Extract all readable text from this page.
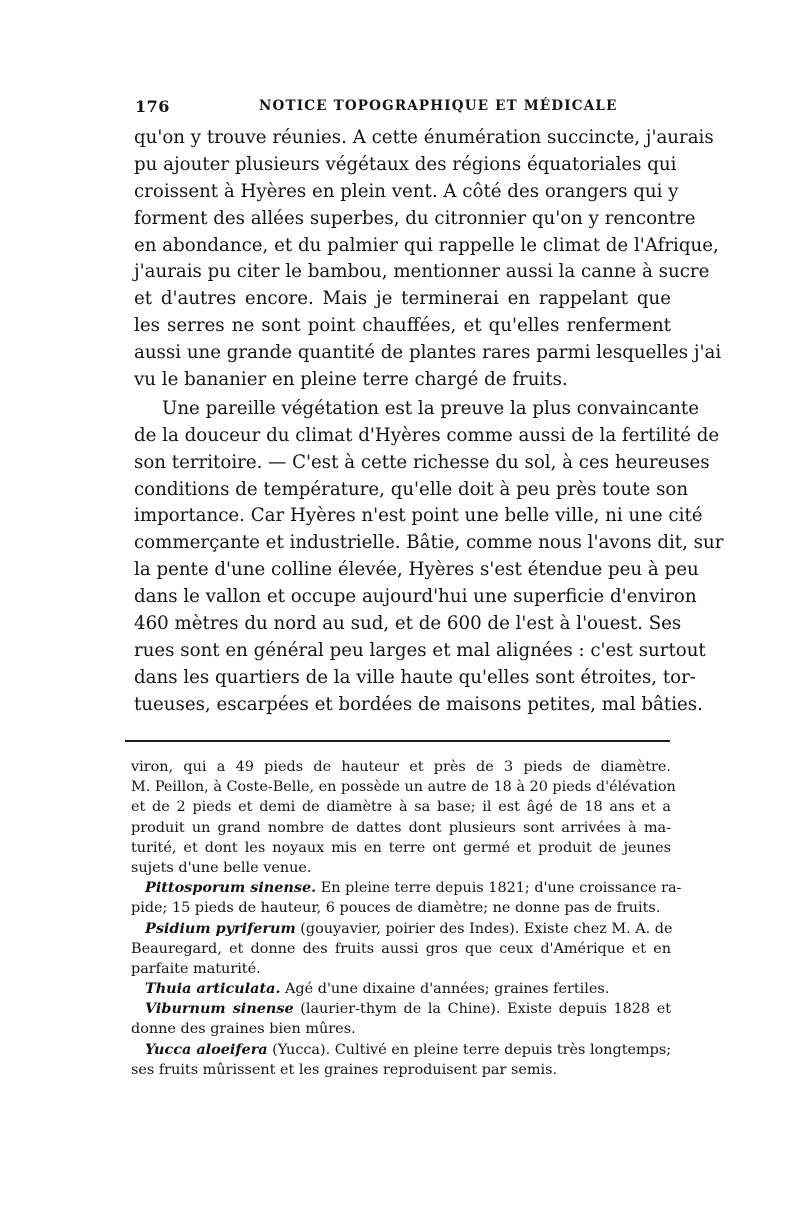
176	NOTICE TOPOGRAPHIQUE ET MÉDICALE
qu'on y trouve réunies. A cette énumération succincte, j'aurais
pu ajouter plusieurs végétaux des régions équatoriales qui
croissent à Hyères en plein vent. A côté des orangers qui y
forment des allées superbes, du citronnier qu'on y rencontre
en abondance, et du palmier qui rappelle le climat de l'Afrique,
j'aurais pu citer le bambou, mentionner aussi la canne à sucre
et d'autres encore. Mais je terminerai en rappelant que
les serres ne sont point chauffées, et qu'elles renferment
aussi une grande quantité de plantes rares parmi lesquelles j'ai
vu le bananier en pleine terre chargé de fruits.
Une pareille végétation est la preuve la plus convaincante
de la douceur du climat d'Hyères comme aussi de la fertilité de
son territoire. — C'est à cette richesse du sol, à ces heureuses
conditions de température, qu'elle doit à peu près toute son
importance. Car Hyères n'est point une belle ville, ni une cité
commerçante et industrielle. Bâtie, comme nous l'avons dit, sur
la pente d'une colline élevée, Hyères s'est étendue peu à peu
dans le vallon et occupe aujourd'hui une superficie d'environ
460 mètres du nord au sud, et de 600 de l'est à l'ouest. Ses
rues sont en général peu larges et mal alignées : c'est surtout
dans les quartiers de la ville haute qu'elles sont étroites, tor-
tueuses, escarpées et bordées de maisons petites, mal bâties.
viron, qui a 49 pieds de hauteur et près de 3 pieds de diamètre.
M. Peillon, à Coste-Belle, en possède un autre de 18 à 20 pieds d'élévation
et de 2 pieds et demi de diamètre à sa base; il est âgé de 18 ans et a
produit un grand nombre de dattes dont plusieurs sont arrivées à ma-
turité, et dont les noyaux mis en terre ont germé et produit de jeunes
sujets d'une belle venue.
Pittosporum sinense. En pleine terre depuis 1821; d'une croissance ra-
pide; 15 pieds de hauteur, 6 pouces de diamètre; ne donne pas de fruits.
Psidium pyriferum (gouyavier, poirier des Indes). Existe chez M. A. de
Beauregard, et donne des fruits aussi gros que ceux d'Amérique et en
parfaite maturité.
Thuia articulata. Agé d'une dixaine d'années; graines fertiles.
Viburnum sinense (laurier-thym de la Chine). Existe depuis 1828 et
donne des graines bien mûres.
Yucca aloeifera (Yucca). Cultivé en pleine terre depuis très longtemps;
ses fruits mûrissent et les graines reproduisent par semis.
